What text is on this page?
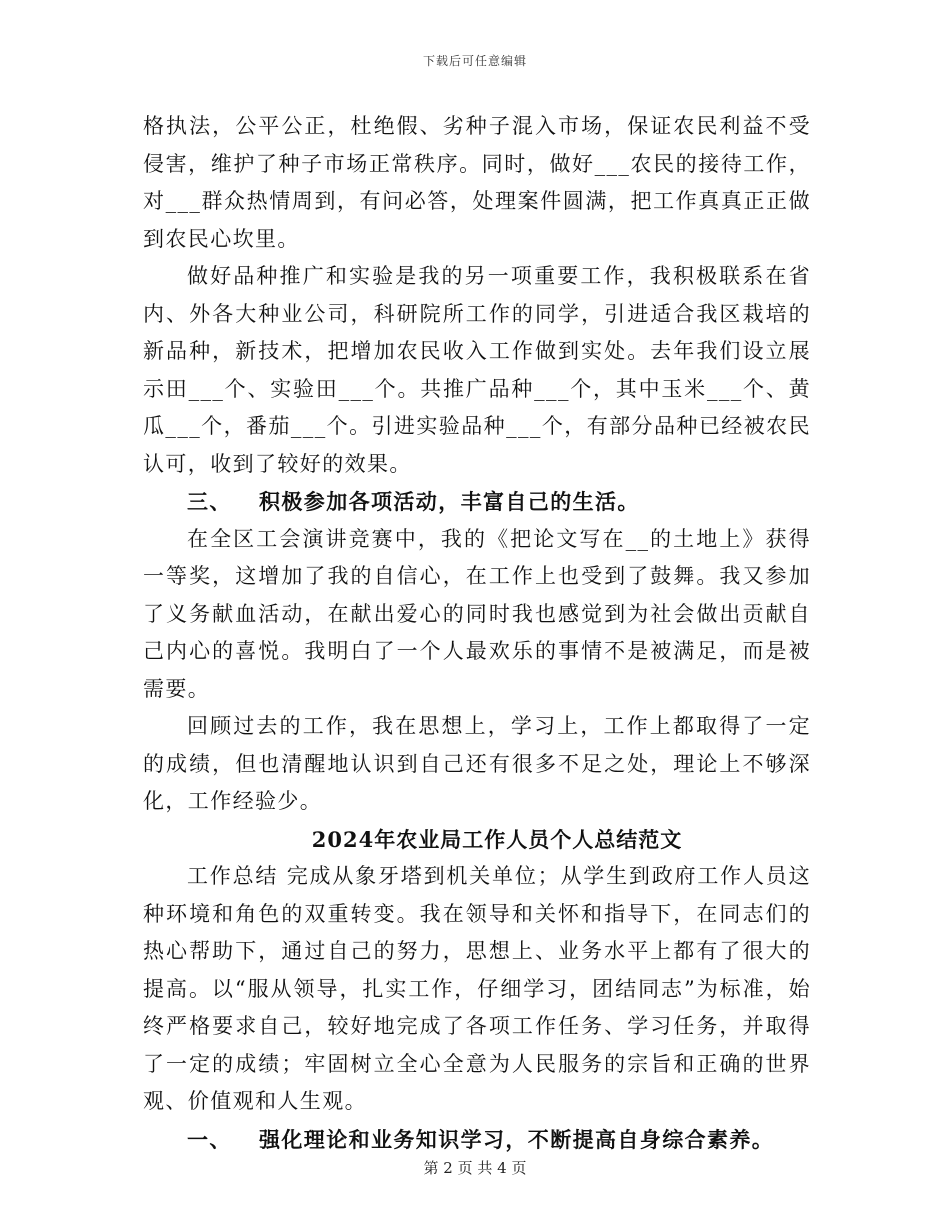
下载后可任意编辑

格执法，公平公正，杜绝假、劣种子混入市场，保证农民利益不受侵害，维护了种子市场正常秩序。同时，做好___农民的接待工作，对___群众热情周到，有问必答，处理案件圆满，把工作真真正正做到农民心坎里。

做好品种推广和实验是我的另一项重要工作，我积极联系在省内、外各大种业公司，科研院所工作的同学，引进适合我区栽培的新品种，新技术，把增加农民收入工作做到实处。去年我们设立展示田___个、实验田___个。共推广品种___个，其中玉米___个、黄瓜___个，番茄___个。引进实验品种___个，有部分品种已经被农民认可，收到了较好的效果。

三、 积极参加各项活动，丰富自己的生活。

在全区工会演讲竞赛中，我的《把论文写在__的土地上》获得一等奖，这增加了我的自信心，在工作上也受到了鼓舞。我又参加了义务献血活动，在献出爱心的同时我也感觉到为社会做出贡献自己内心的喜悦。我明白了一个人最欢乐的事情不是被满足，而是被需要。

回顾过去的工作，我在思想上，学习上，工作上都取得了一定的成绩，但也清醒地认识到自己还有很多不足之处，理论上不够深化，工作经验少。

2024年农业局工作人员个人总结范文

工作总结 完成从象牙塔到机关单位；从学生到政府工作人员这种环境和角色的双重转变。我在领导和关怀和指导下，在同志们的热心帮助下，通过自己的努力，思想上、业务水平上都有了很大的提高。以“服从领导，扎实工作，仔细学习，团结同志”为标准，始终严格要求自己，较好地完成了各项工作任务、学习任务，并取得了一定的成绩；牢固树立全心全意为人民服务的宗旨和正确的世界观、价值观和人生观。

一、 强化理论和业务知识学习，不断提高自身综合素养。

第 2 页 共 4 页
